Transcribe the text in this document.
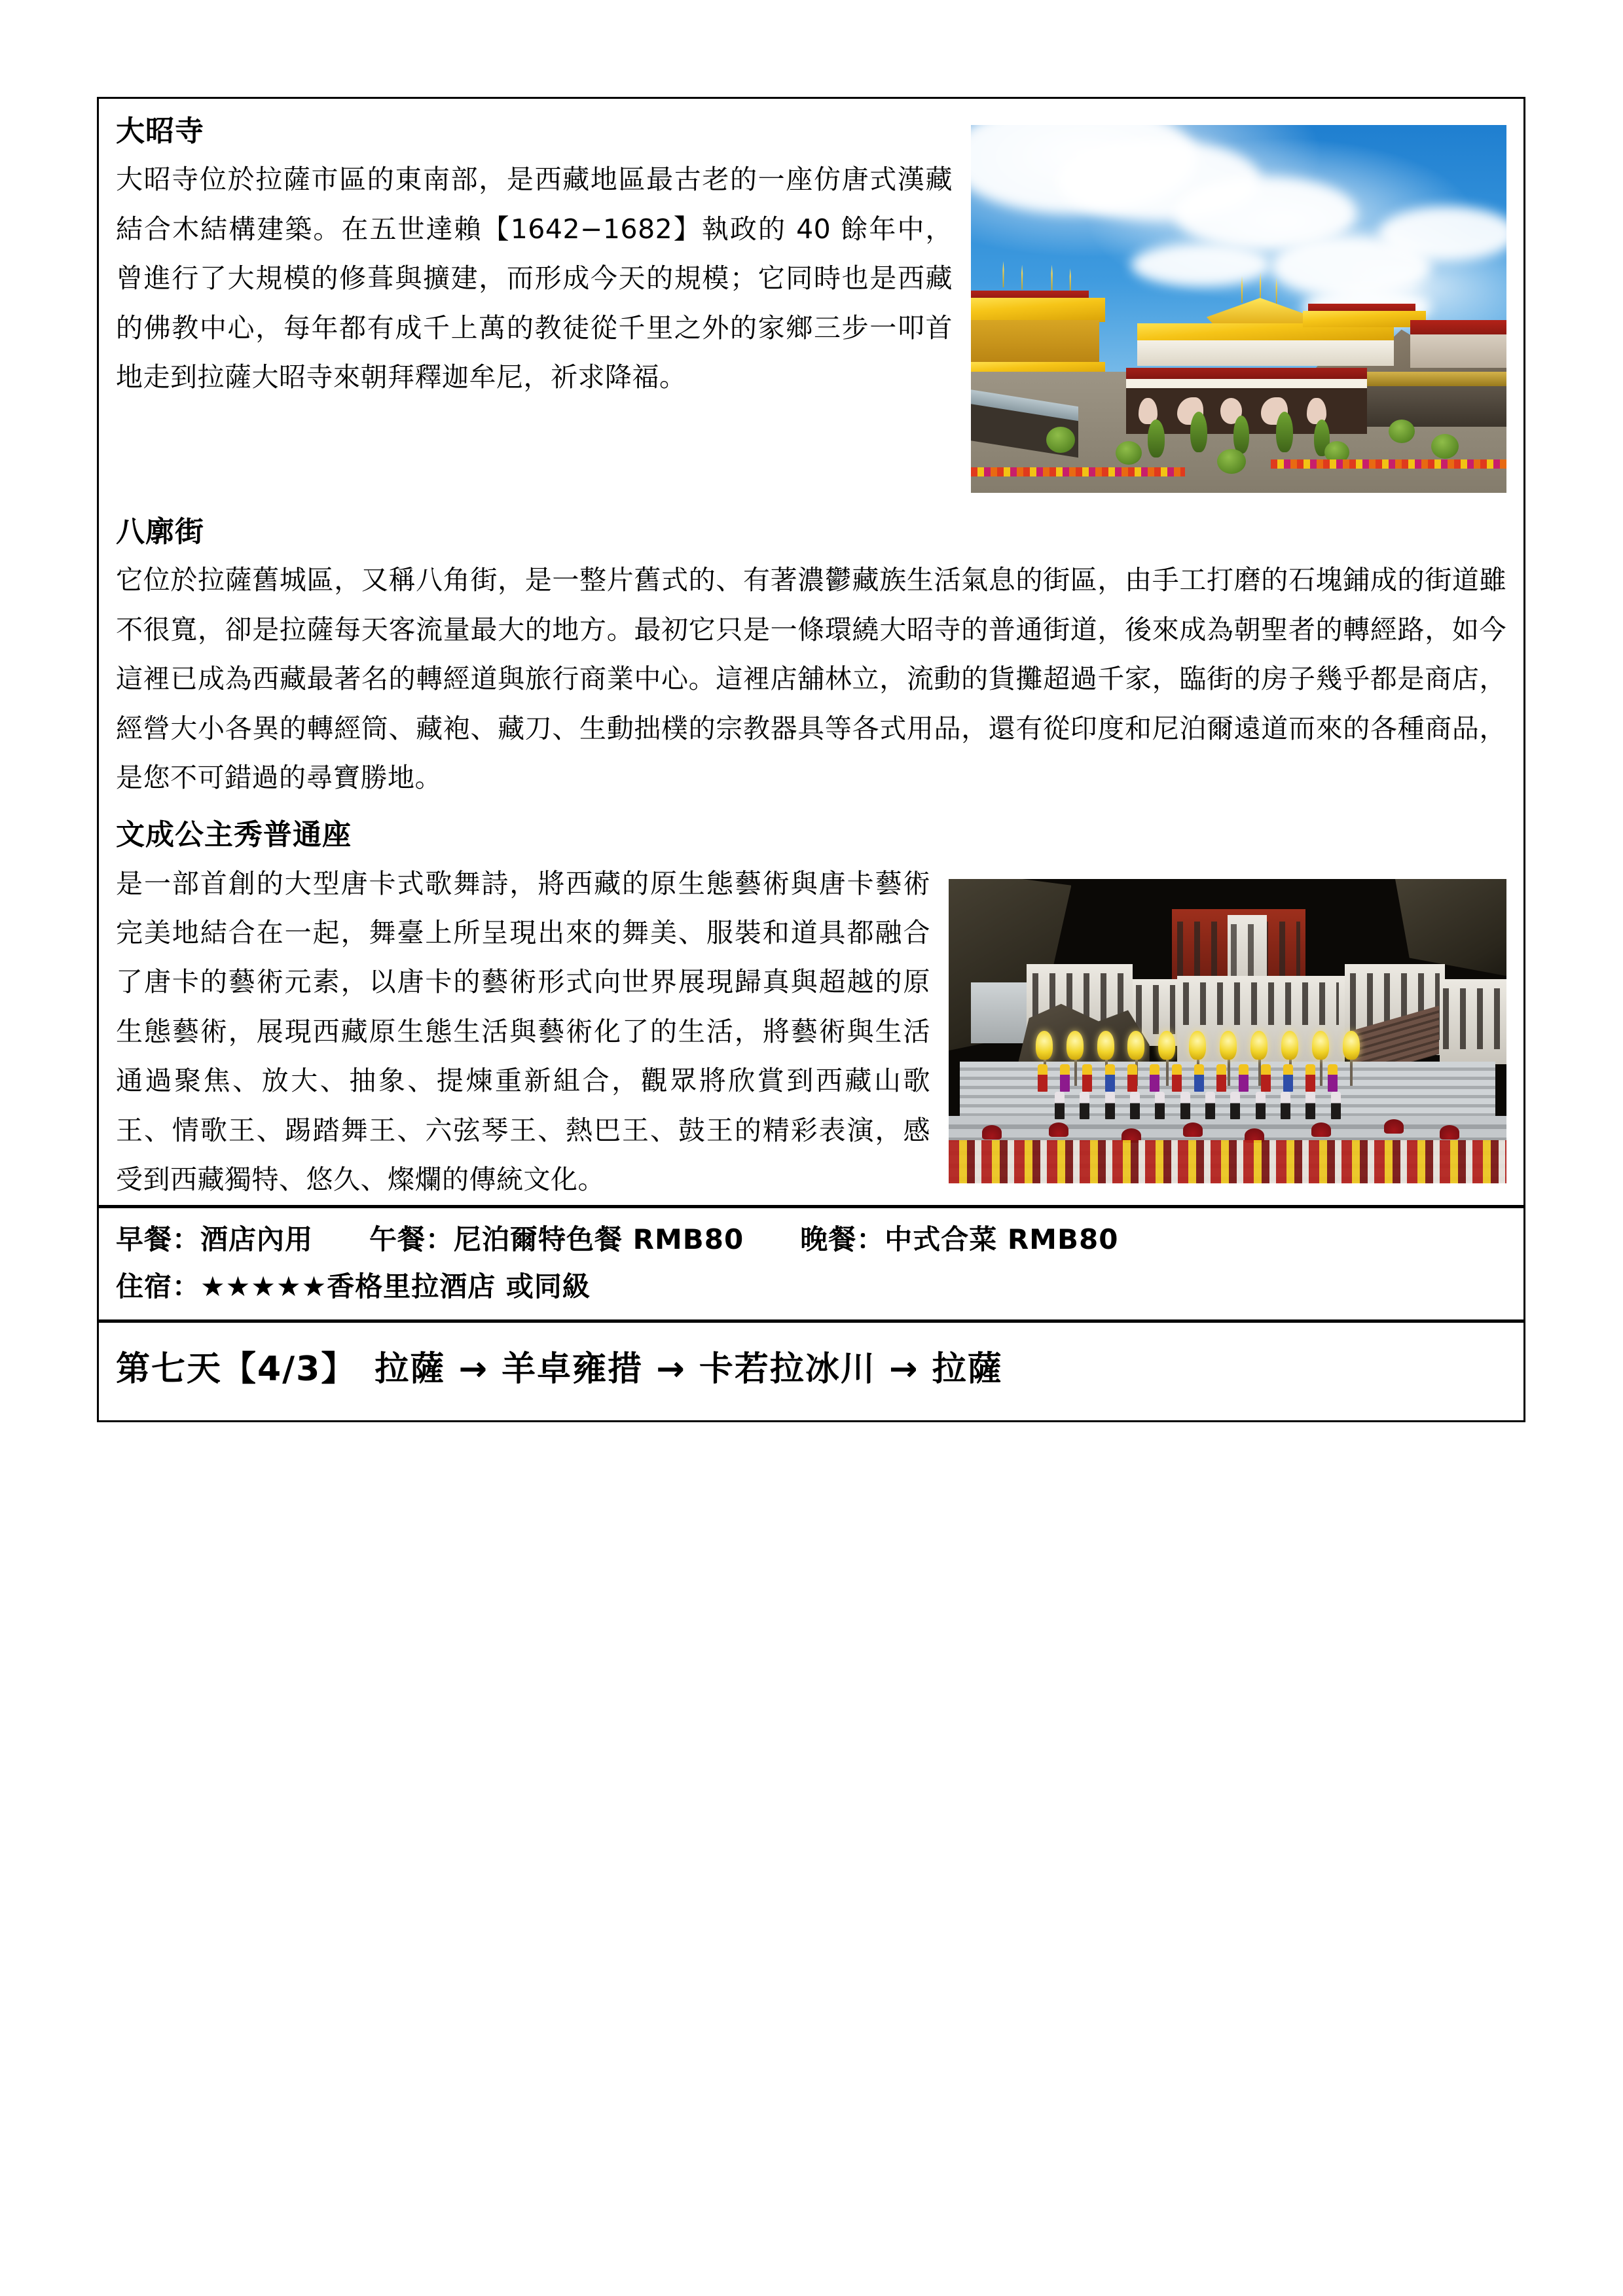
大昭寺

大昭寺位於拉薩市區的東南部，是西藏地區最古老的一座仿唐式漢藏結合木結構建築。在五世達賴【1642−1682】執政的 40 餘年中，曾進行了大規模的修葺與擴建，而形成今天的規模；它同時也是西藏的佛教中心，每年都有成千上萬的教徒從千里之外的家鄉三步一叩首地走到拉薩大昭寺來朝拜釋迦牟尼，祈求降福。

八廓街

它位於拉薩舊城區，又稱八角街，是一整片舊式的、有著濃鬱藏族生活氣息的街區，由手工打磨的石塊鋪成的街道雖不很寬，卻是拉薩每天客流量最大的地方。最初它只是一條環繞大昭寺的普通街道，後來成為朝聖者的轉經路，如今這裡已成為西藏最著名的轉經道與旅行商業中心。這裡店舖林立，流動的貨攤超過千家，臨街的房子幾乎都是商店，經營大小各異的轉經筒、藏袍、藏刀、生動拙樸的宗教器具等各式用品，還有從印度和尼泊爾遠道而來的各種商品，是您不可錯過的尋寶勝地。

文成公主秀普通座

是一部首創的大型唐卡式歌舞詩，將西藏的原生態藝術與唐卡藝術完美地結合在一起，舞臺上所呈現出來的舞美、服裝和道具都融合了唐卡的藝術元素，以唐卡的藝術形式向世界展現歸真與超越的原生態藝術，展現西藏原生態生活與藝術化了的生活，將藝術與生活通過聚焦、放大、抽象、提煉重新組合，觀眾將欣賞到西藏山歌王、情歌王、踢踏舞王、六弦琴王、熱巴王、鼓王的精彩表演，感受到西藏獨特、悠久、燦爛的傳統文化。

早餐：酒店內用　　午餐：尼泊爾特色餐 RMB80　　晚餐：中式合菜 RMB80

住宿：★★★★★香格里拉酒店 或同級

第七天【4/3】　拉薩 → 羊卓雍措 → 卡若拉冰川 → 拉薩
